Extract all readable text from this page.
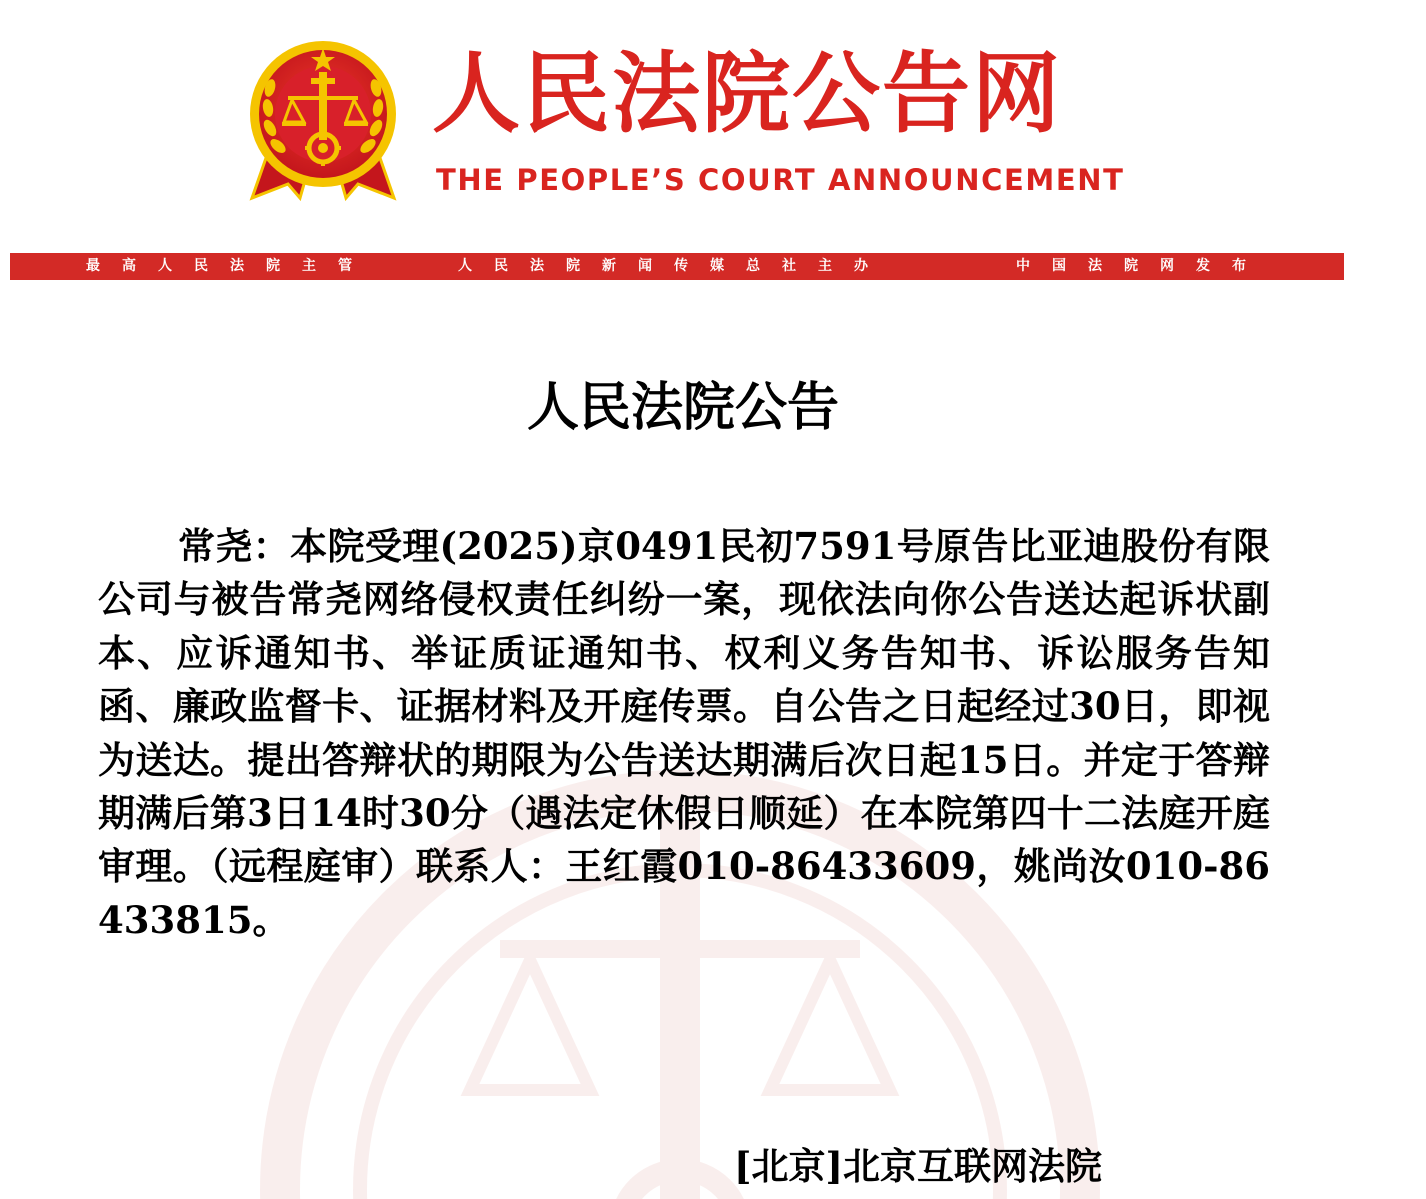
人民法院公告网
THE PEOPLE’S COURT ANNOUNCEMENT
最高人民法院主管	人民法院新闻传媒总社主办	中国法院网发布
人民法院公告
常尧：本院受理(2025)京0491民初7591号原告比亚迪股份有限公司与被告常尧网络侵权责任纠纷一案，现依法向你公告送达起诉状副本、应诉通知书、举证质证通知书、权利义务告知书、诉讼服务告知函、廉政监督卡、证据材料及开庭传票。自公告之日起经过30日，即视为送达。提出答辩状的期限为公告送达期满后次日起15日。并定于答辩期满后第3日14时30分（遇法定休假日顺延）在本院第四十二法庭开庭审理。（远程庭审）联系人：王红霞010-86433609，姚尚汝010-86433815。
[北京]北京互联网法院
